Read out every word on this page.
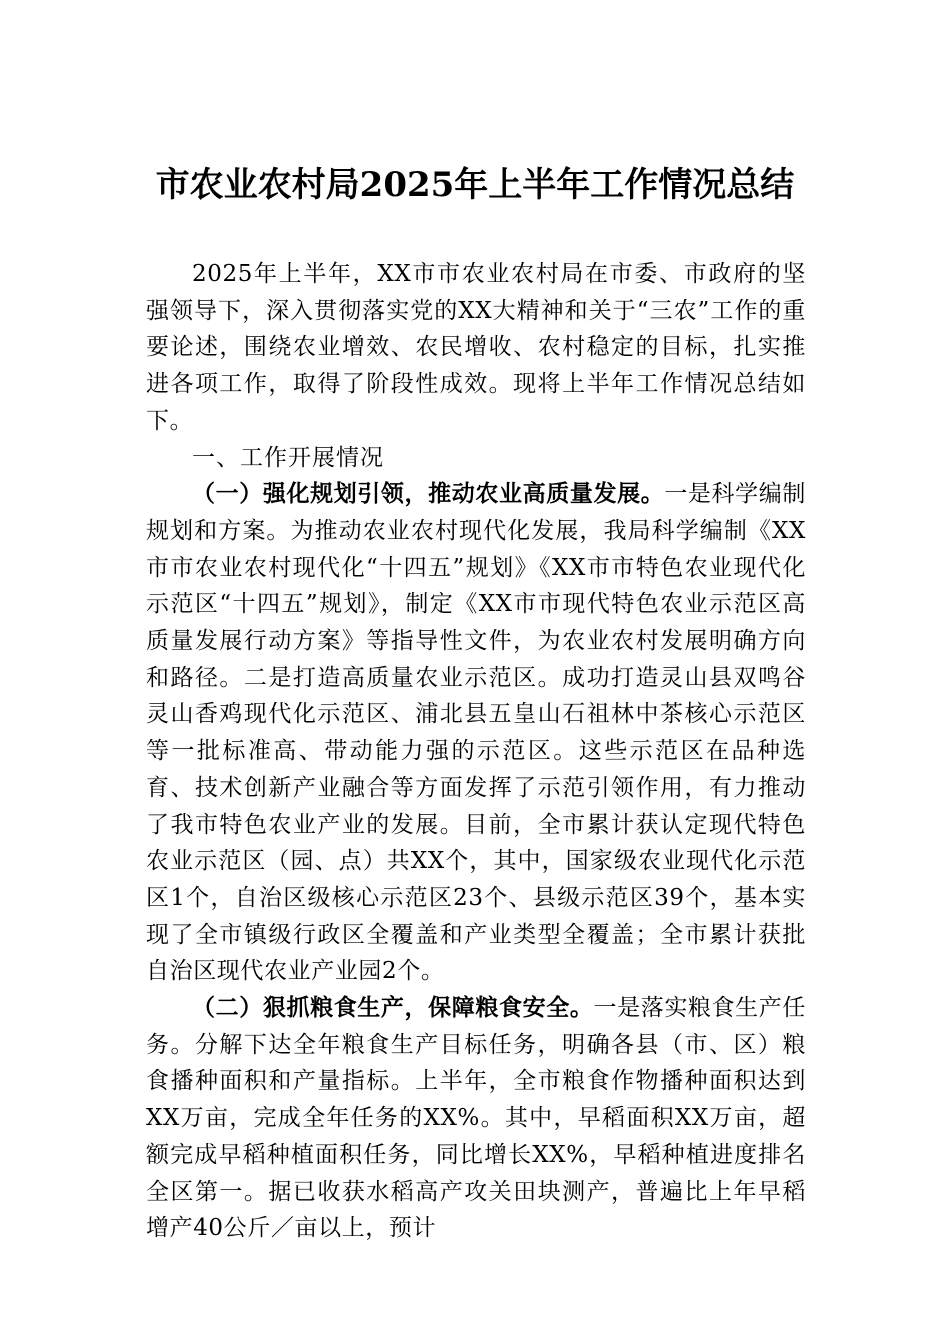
市农业农村局2025年上半年工作情况总结

2025年上半年，XX市市农业农村局在市委、市政府的坚强领导下，深入贯彻落实党的XX大精神和关于“三农”工作的重要论述，围绕农业增效、农民增收、农村稳定的目标，扎实推进各项工作，取得了阶段性成效。现将上半年工作情况总结如下。

一、工作开展情况

（一）强化规划引领，推动农业高质量发展。一是科学编制规划和方案。为推动农业农村现代化发展，我局科学编制《XX市市农业农村现代化“十四五”规划》《XX市市特色农业现代化示范区“十四五”规划》，制定《XX市市现代特色农业示范区高质量发展行动方案》等指导性文件，为农业农村发展明确方向和路径。二是打造高质量农业示范区。成功打造灵山县双鸣谷灵山香鸡现代化示范区、浦北县五皇山石祖林中茶核心示范区等一批标准高、带动能力强的示范区。这些示范区在品种选育、技术创新产业融合等方面发挥了示范引领作用，有力推动了我市特色农业产业的发展。目前，全市累计获认定现代特色农业示范区（园、点）共XX个，其中，国家级农业现代化示范区1个，自治区级核心示范区23个、县级示范区39个，基本实现了全市镇级行政区全覆盖和产业类型全覆盖；全市累计获批自治区现代农业产业园2个。

（二）狠抓粮食生产，保障粮食安全。一是落实粮食生产任务。分解下达全年粮食生产目标任务，明确各县（市、区）粮食播种面积和产量指标。上半年，全市粮食作物播种面积达到XX万亩，完成全年任务的XX%。其中，早稻面积XX万亩，超额完成早稻种植面积任务，同比增长XX%，早稻种植进度排名全区第一。据已收获水稻高产攻关田块测产，普遍比上年早稻增产40公斤／亩以上，预计
